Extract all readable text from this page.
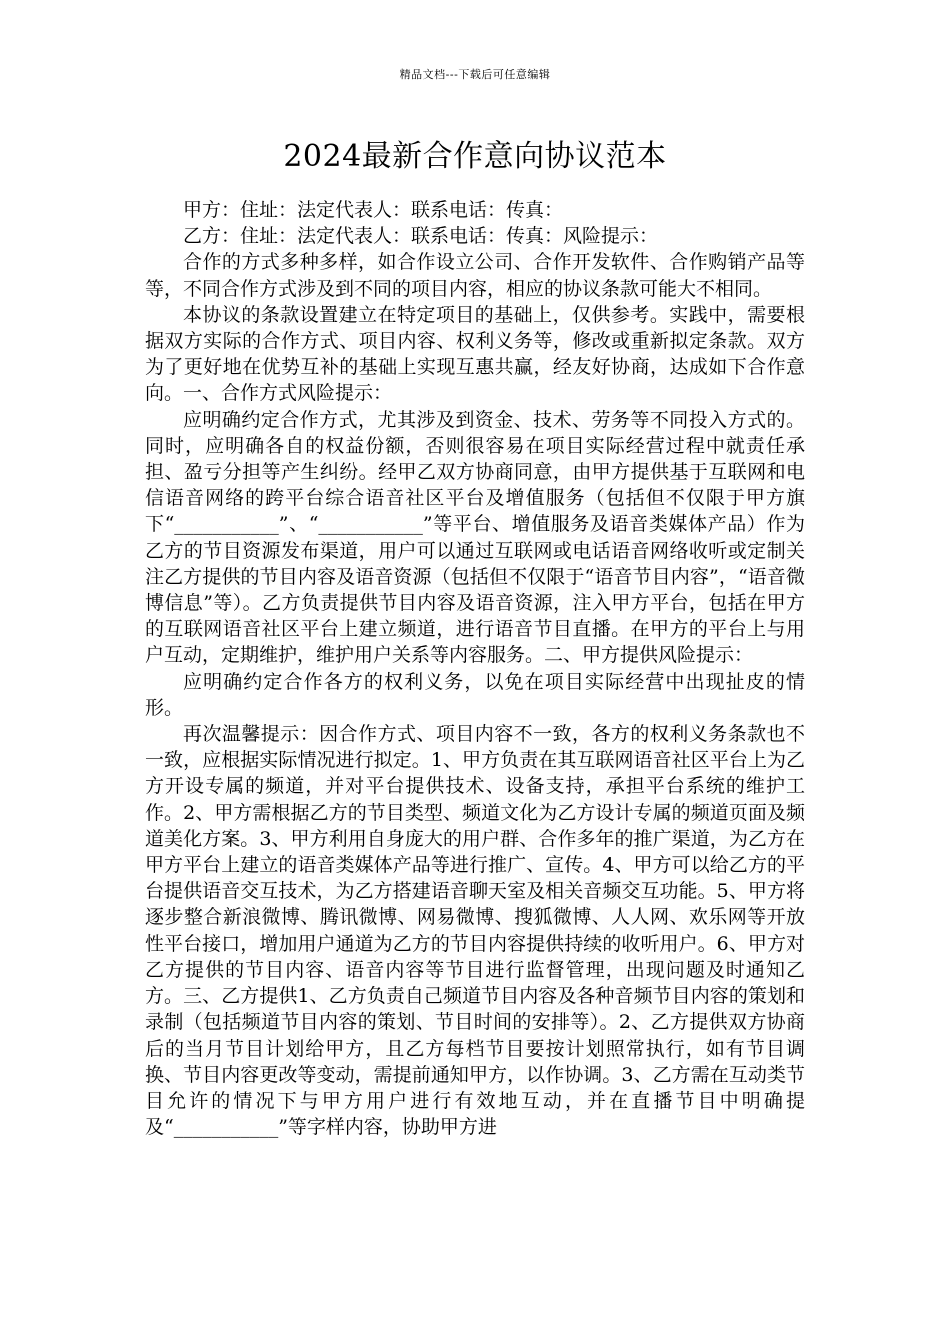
精品文档---下载后可任意编辑
2024最新合作意向协议范本

甲方：住址：法定代表人：联系电话：传真：

乙方：住址：法定代表人：联系电话：传真：风险提示：

合作的方式多种多样，如合作设立公司、合作开发软件、合作购销产品等等，不同合作方式涉及到不同的项目内容，相应的协议条款可能大不相同。

本协议的条款设置建立在特定项目的基础上，仅供参考。实践中，需要根据双方实际的合作方式、项目内容、权利义务等，修改或重新拟定条款。双方为了更好地在优势互补的基础上实现互惠共赢，经友好协商，达成如下合作意向。一、合作方式风险提示：

应明确约定合作方式，尤其涉及到资金、技术、劳务等不同投入方式的。同时，应明确各自的权益份额，否则很容易在项目实际经营过程中就责任承担、盈亏分担等产生纠纷。经甲乙双方协商同意，由甲方提供基于互联网和电信语音网络的跨平台综合语音社区平台及增值服务（包括但不仅限于甲方旗下“___________”、“___________”等平台、增值服务及语音类媒体产品）作为乙方的节目资源发布渠道，用户可以通过互联网或电话语音网络收听或定制关注乙方提供的节目内容及语音资源（包括但不仅限于“语音节目内容”，“语音微博信息”等）。乙方负责提供节目内容及语音资源，注入甲方平台，包括在甲方的互联网语音社区平台上建立频道，进行语音节目直播。在甲方的平台上与用户互动，定期维护，维护用户关系等内容服务。二、甲方提供风险提示：

应明确约定合作各方的权利义务，以免在项目实际经营中出现扯皮的情形。

再次温馨提示：因合作方式、项目内容不一致，各方的权利义务条款也不一致，应根据实际情况进行拟定。1、甲方负责在其互联网语音社区平台上为乙方开设专属的频道，并对平台提供技术、设备支持，承担平台系统的维护工作。2、甲方需根据乙方的节目类型、频道文化为乙方设计专属的频道页面及频道美化方案。3、甲方利用自身庞大的用户群、合作多年的推广渠道，为乙方在甲方平台上建立的语音类媒体产品等进行推广、宣传。4、甲方可以给乙方的平台提供语音交互技术，为乙方搭建语音聊天室及相关音频交互功能。5、甲方将逐步整合新浪微博、腾讯微博、网易微博、搜狐微博、人人网、欢乐网等开放性平台接口，增加用户通道为乙方的节目内容提供持续的收听用户。6、甲方对乙方提供的节目内容、语音内容等节目进行监督管理，出现问题及时通知乙方。三、乙方提供1、乙方负责自己频道节目内容及各种音频节目内容的策划和录制（包括频道节目内容的策划、节目时间的安排等）。2、乙方提供双方协商后的当月节目计划给甲方，且乙方每档节目要按计划照常执行，如有节目调换、节目内容更改等变动，需提前通知甲方，以作协调。3、乙方需在互动类节目允许的情况下与甲方用户进行有效地互动，并在直播节目中明确提及“___________”等字样内容，协助甲方进
